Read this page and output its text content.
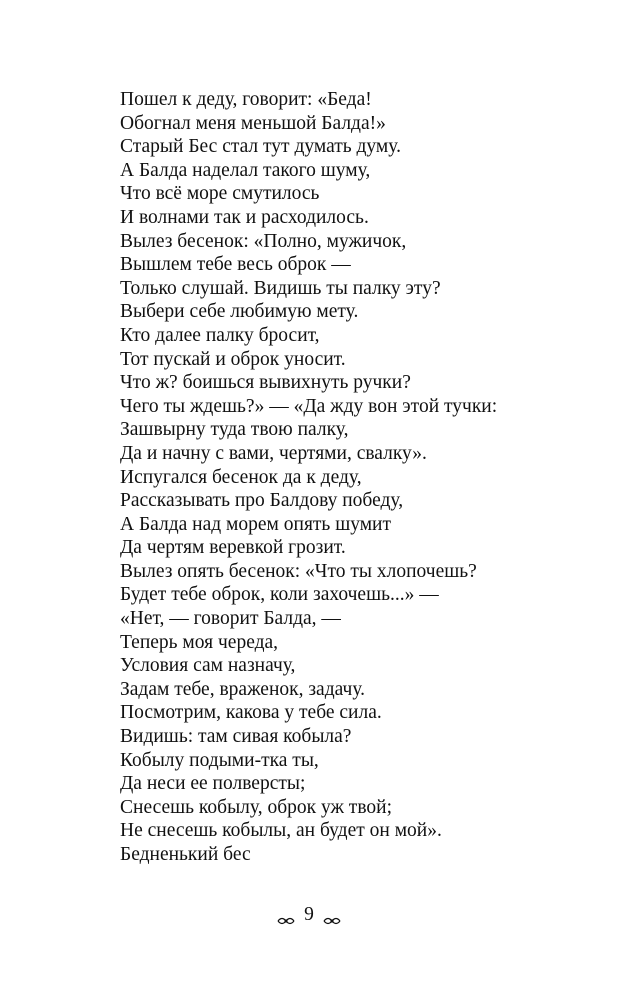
Пошел к деду, говорит: «Беда!
Обогнал меня меньшой Балда!»
Старый Бес стал тут думать думу.
А Балда наделал такого шуму,
Что всё море смутилось
И волнами так и расходилось.
Вылез бесенок: «Полно, мужичок,
Вышлем тебе весь оброк —
Только слушай. Видишь ты палку эту?
Выбери себе любимую мету.
Кто далее палку бросит,
Тот пускай и оброк уносит.
Что ж? боишься вывихнуть ручки?
Чего ты ждешь?» — «Да жду вон этой тучки:
Зашвырну туда твою палку,
Да и начну с вами, чертями, свалку».
Испугался бесенок да к деду,
Рассказывать про Балдову победу,
А Балда над морем опять шумит
Да чертям веревкой грозит.
Вылез опять бесенок: «Что ты хлопочешь?
Будет тебе оброк, коли захочешь...» —
«Нет, — говорит Балда, —
Теперь моя череда,
Условия сам назначу,
Задам тебе, враженок, задачу.
Посмотрим, какова у тебе сила.
Видишь: там сивая кобыла?
Кобылу подыми-тка ты,
Да неси ее полверсты;
Снесешь кобылу, оброк уж твой;
Не снесешь кобылы, ан будет он мой».
Бедненький бес
9
